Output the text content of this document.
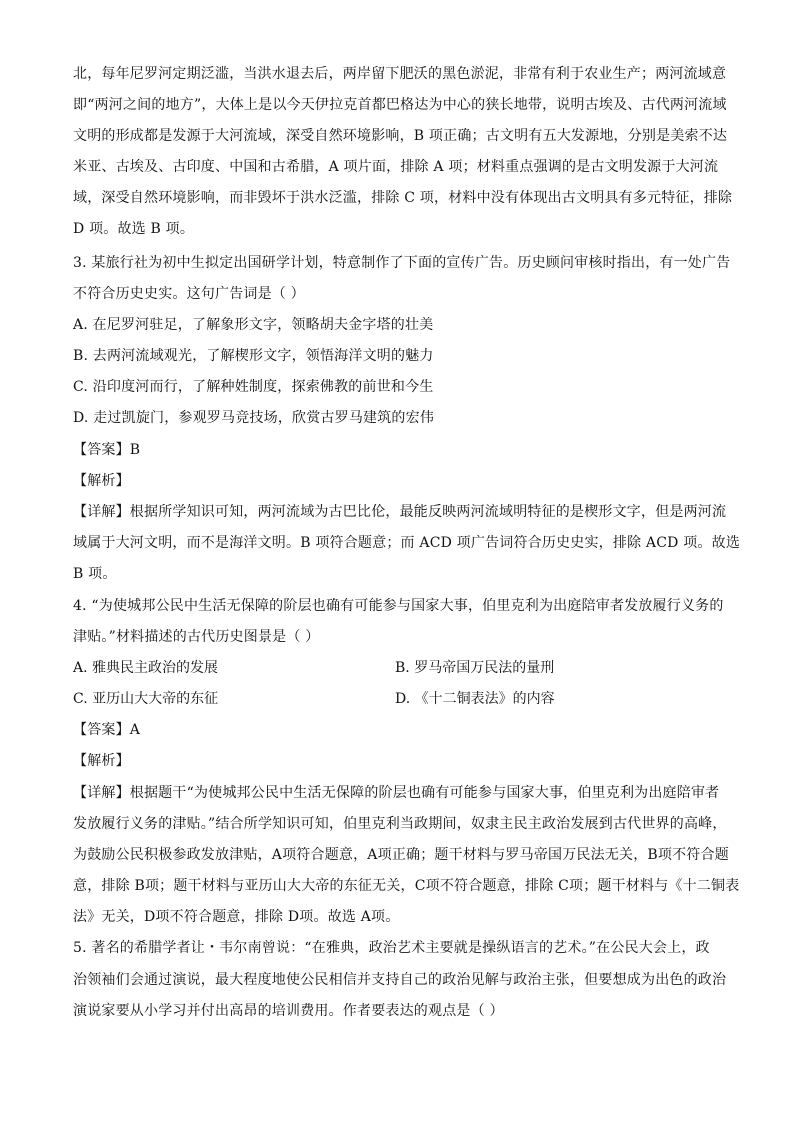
北，每年尼罗河定期泛滥，当洪水退去后，两岸留下肥沃的黑色淤泥，非常有利于农业生产；两河流域意
即“两河之间的地方”，大体上是以今天伊拉克首都巴格达为中心的狭长地带，说明古埃及、古代两河流域
文明的形成都是发源于大河流域，深受自然环境影响，B 项正确；古文明有五大发源地，分别是美索不达
米亚、古埃及、古印度、中国和古希腊，A 项片面，排除 A 项；材料重点强调的是古文明发源于大河流
域，深受自然环境影响，而非毁坏于洪水泛滥，排除 C 项，材料中没有体现出古文明具有多元特征，排除
D 项。故选 B 项。
3. 某旅行社为初中生拟定出国研学计划，特意制作了下面的宣传广告。历史顾问审核时指出，有一处广告
不符合历史史实。这句广告词是（ ）
A. 在尼罗河驻足，了解象形文字，领略胡夫金字塔的壮美
B. 去两河流域观光，了解楔形文字，领悟海洋文明的魅力
C. 沿印度河而行，了解种姓制度，探索佛教的前世和今生
D. 走过凯旋门，参观罗马竞技场，欣赏古罗马建筑的宏伟
【答案】B
【解析】
【详解】根据所学知识可知，两河流域为古巴比伦，最能反映两河流域明特征的是楔形文字，但是两河流
域属于大河文明，而不是海洋文明。B 项符合题意；而 ACD 项广告词符合历史史实，排除 ACD 项。故选
B 项。
4. “为使城邦公民中生活无保障的阶层也确有可能参与国家大事，伯里克利为出庭陪审者发放履行义务的
津贴。”材料描述的古代历史图景是（ ）
A. 雅典民主政治的发展	B. 罗马帝国万民法的量刑
C. 亚历山大大帝的东征	D. 《十二铜表法》的内容
【答案】A
【解析】
【详解】根据题干“为使城邦公民中生活无保障的阶层也确有可能参与国家大事，伯里克利为出庭陪审者
发放履行义务的津贴。”结合所学知识可知，伯里克利当政期间，奴隶主民主政治发展到古代世界的高峰，
为鼓励公民积极参政发放津贴，A项符合题意，A项正确；题干材料与罗马帝国万民法无关，B项不符合题
意，排除 B项；题干材料与亚历山大大帝的东征无关，C项不符合题意，排除 C项；题干材料与《十二铜表
法》无关，D项不符合题意，排除 D项。故选 A项。
5. 著名的希腊学者让・韦尔南曾说：“在雅典，政治艺术主要就是操纵语言的艺术。”在公民大会上，政
治领袖们会通过演说，最大程度地使公民相信并支持自己的政治见解与政治主张，但要想成为出色的政治
演说家要从小学习并付出高昂的培训费用。作者要表达的观点是（ ）
